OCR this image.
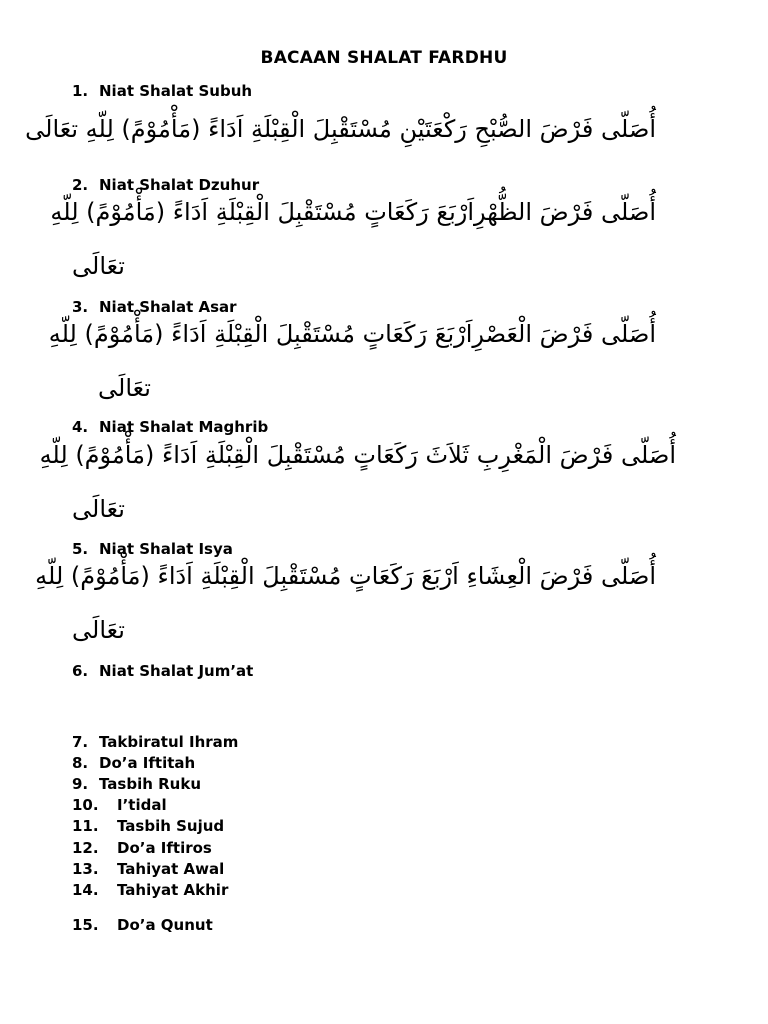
BACAAN SHALAT FARDHU
1. Niat Shalat Subuh
أُصَلّى فَرْضَ الصُّبْحِ رَكْعَتَيْنِ مُسْتَقْبِلَ الْقِبْلَةِ اَدَاءً (مَأْمُوْمً) لِلّهِ تعَالَى
2. Niat Shalat Dzuhur
أُصَلّى فَرْضَ الظُّهْرِاَرْبَعَ رَكَعَاتٍ مُسْتَقْبِلَ الْقِبْلَةِ اَدَاءً (مَأْمُوْمً) لِلّهِ
تعَالَى
3. Niat Shalat Asar
أُصَلّى فَرْضَ الْعَصْرِاَرْبَعَ رَكَعَاتٍ مُسْتَقْبِلَ الْقِبْلَةِ اَدَاءً (مَأْمُوْمً) لِلّهِ
تعَالَى
4. Niat Shalat Maghrib
أُصَلّى فَرْضَ الْمَغْرِبِ ثَلاَثَ رَكَعَاتٍ مُسْتَقْبِلَ الْقِبْلَةِ اَدَاءً (مَأْمُوْمً) لِلّهِ
تعَالَى
5. Niat Shalat Isya
أُصَلّى فَرْضَ الْعِشَاءِ اَرْبَعَ رَكَعَاتٍ مُسْتَقْبِلَ الْقِبْلَةِ اَدَاءً (مَأْمُوْمً) لِلّهِ
تعَالَى
6. Niat Shalat Jum’at
7. Takbiratul Ihram
8. Do’a Iftitah
9. Tasbih Ruku
10. I’tidal
11. Tasbih Sujud
12. Do’a Iftiros
13. Tahiyat Awal
14. Tahiyat Akhir
15. Do’a Qunut
